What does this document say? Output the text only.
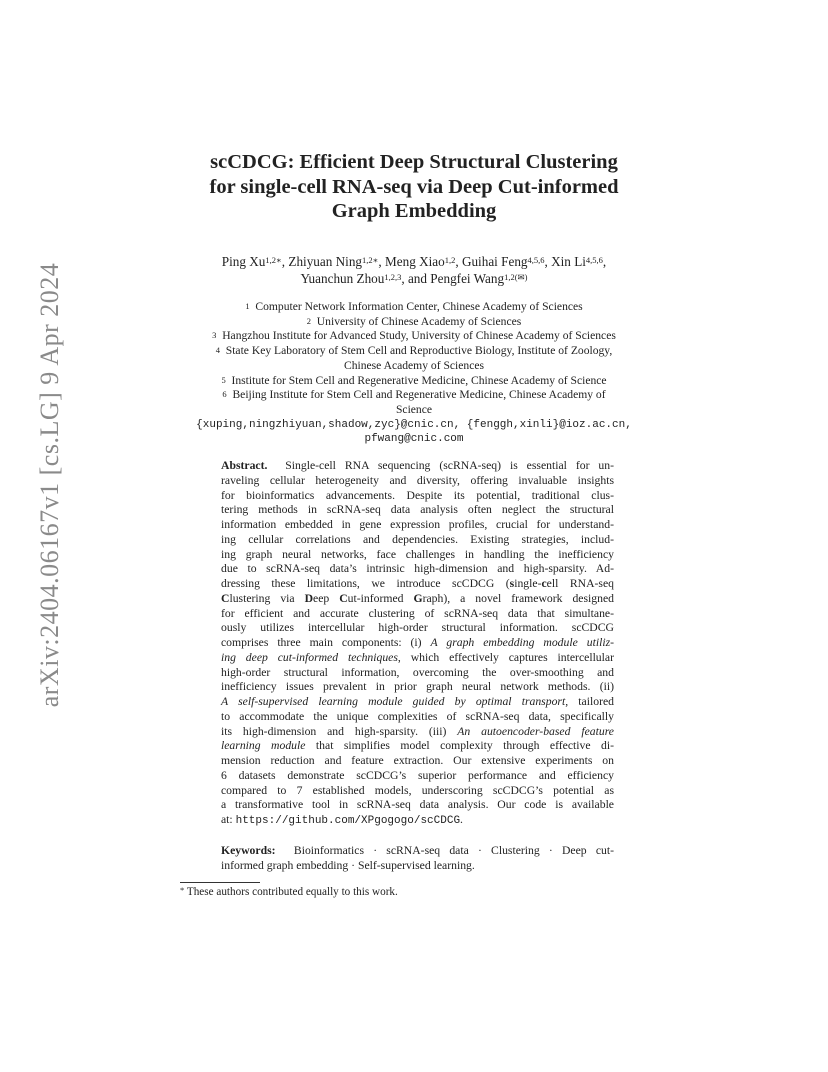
arXiv:2404.06167v1 [cs.LG] 9 Apr 2024
scCDCG: Efficient Deep Structural Clustering
for single-cell RNA-seq via Deep Cut-informed
Graph Embedding
Ping $Xu^{1,2∗}$, Zhiyuan Ning$^{1,2∗}$, Meng Xiao$^{1,2}$, Guihai Feng$^{4,5,6}$, Xin Li$^{4,5,6}$,
Yuanchun Zhou$^{1,2,3}$, and Pengfei Wang$^{1,2(✉)}$
$^1$ Computer Network Information Center, Chinese Academy of Sciences
$^2$ University of Chinese Academy of Sciences
$^3$ Hangzhou Institute for Advanced Study, University of Chinese Academy of Sciences
$^4$ State Key Laboratory of Stem Cell and Reproductive Biology, Institute of Zoology,
Chinese Academy of Sciences
$^5$ Institute for Stem Cell and Regenerative Medicine, Chinese Academy of Science
$^6$ Beijing Institute for Stem Cell and Regenerative Medicine, Chinese Academy of
Science
{xuping,ningzhiyuan,shadow,zyc}@cnic.cn, {fenggh,xinli}@ioz.ac.cn,
pfwang@cnic.com
Abstract. Single-cell RNA sequencing (scRNA-seq) is essential for un-
raveling cellular heterogeneity and diversity, offering invaluable insights
for bioinformatics advancements. Despite its potential, traditional clus-
tering methods in scRNA-seq data analysis often neglect the structural
information embedded in gene expression profiles, crucial for understand-
ing cellular correlations and dependencies. Existing strategies, includ-
ing graph neural networks, face challenges in handling the inefficiency
due to scRNA-seq data’s intrinsic high-dimension and high-sparsity. Ad-
dressing these limitations, we introduce scCDCG (single-cell RNA-seq
Clustering via Deep Cut-informed Graph), a novel framework designed
for efficient and accurate clustering of scRNA-seq data that simultane-
ously utilizes intercellular high-order structural information. scCDCG
comprises three main components: (i) A graph embedding module utiliz-
ing deep cut-informed techniques, which effectively captures intercellular
high-order structural information, overcoming the over-smoothing and
inefficiency issues prevalent in prior graph neural network methods. (ii)
A self-supervised learning module guided by optimal transport, tailored
to accommodate the unique complexities of scRNA-seq data, specifically
its high-dimension and high-sparsity. (iii) An autoencoder-based feature
learning module that simplifies model complexity through effective di-
mension reduction and feature extraction. Our extensive experiments on
6 datasets demonstrate scCDCG’s superior performance and efficiency
compared to 7 established models, underscoring scCDCG’s potential as
a transformative tool in scRNA-seq data analysis. Our code is available
at: https://github.com/XPgogogo/scCDCG.
Keywords: Bioinformatics · scRNA-seq data · Clustering · Deep cut-
informed graph embedding · Self-supervised learning.
* These authors contributed equally to this work.
